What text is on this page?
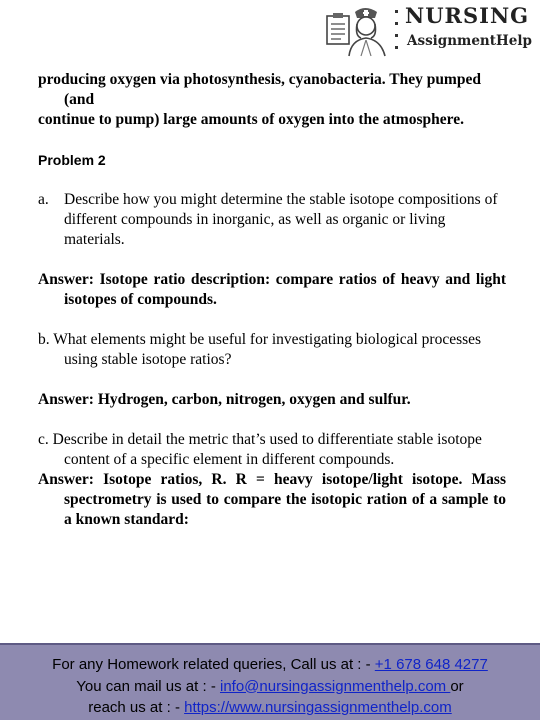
NURSING
AssignmentHelp

producing oxygen via photosynthesis, cyanobacteria. They pumped

(and

continue to pump) large amounts of oxygen into the atmosphere.

Problem 2

a. Describe how you might determine the stable isotope compositions of different compounds in inorganic, as well as organic or living materials.

Answer: Isotope ratio description: compare ratios of heavy and light isotopes of compounds.

b. What elements might be useful for investigating biological processes using stable isotope ratios?

Answer: Hydrogen, carbon, nitrogen, oxygen and sulfur.

c. Describe in detail the metric that’s used to differentiate stable isotope content of a specific element in different compounds.

Answer: Isotope ratios, R. R = heavy isotope/light isotope. Mass spectrometry is used to compare the isotopic ration of a sample to a known standard:

For any Homework related queries, Call us at : - +1 678 648 4277
You can mail us at : - info@nursingassignmenthelp.com or
reach us at : - https://www.nursingassignmenthelp.com
